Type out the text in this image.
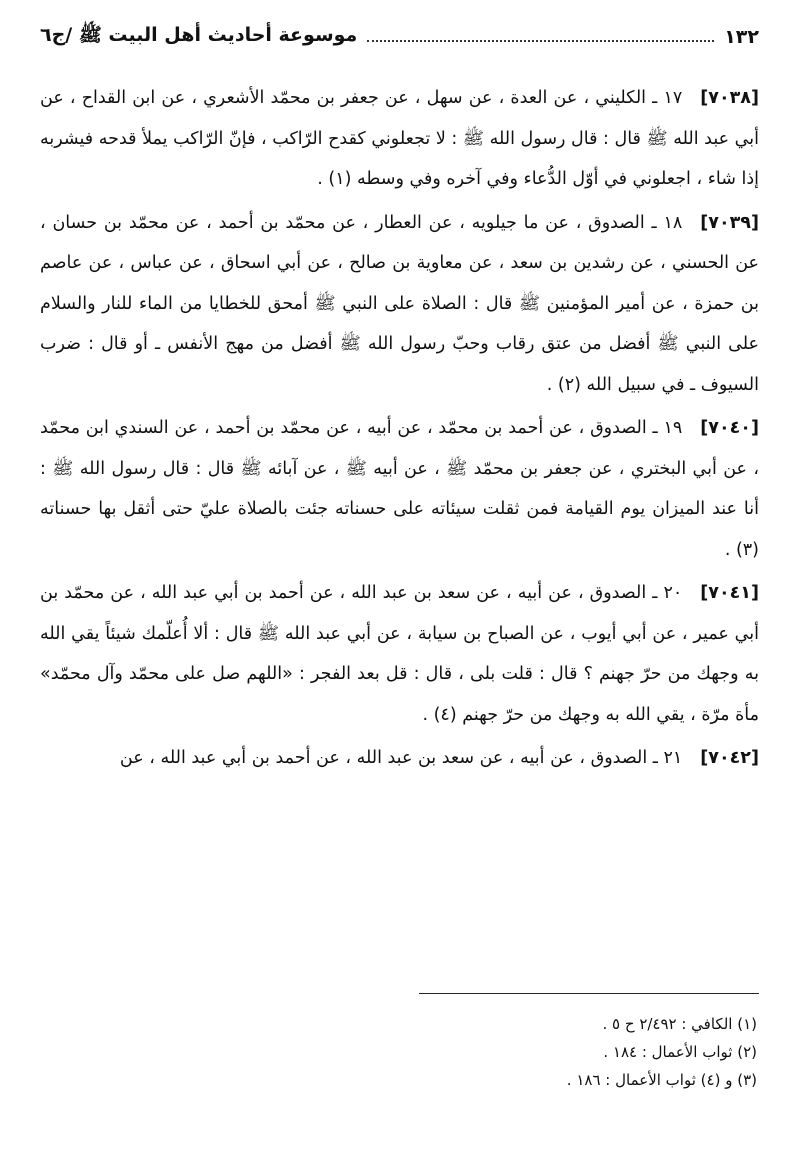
١٣٢
موسوعة أحاديث أهل البيت ﷺ /ج٦

[٧٠٣٨]١٧ ـ الكليني ، عن العدة ، عن سهل ، عن جعفر بن محمّد الأشعري ، عن ابن القداح ، عن أبي عبد الله ﷺ قال : قال رسول الله ﷺ : لا تجعلوني كقدح الرّاكب ، فإنّ الرّاكب يملأ قدحه فيشربه إذا شاء ، اجعلوني في أوّل الدُّعاء وفي آخره وفي وسطه (١) .

[٧٠٣٩]١٨ ـ الصدوق ، عن ما جيلويه ، عن العطار ، عن محمّد بن أحمد ، عن محمّد بن حسان ، عن الحسني ، عن رشدين بن سعد ، عن معاوية بن صالح ، عن أبي اسحاق ، عن عباس ، عن عاصم بن حمزة ، عن أمير المؤمنين ﷺ قال : الصلاة على النبي ﷺ أمحق للخطايا من الماء للنار والسلام على النبي ﷺ أفضل من عتق رقاب وحبّ رسول الله ﷺ أفضل من مهج الأنفس ـ أو قال : ضرب السيوف ـ في سبيل الله (٢) .

[٧٠٤٠]١٩ ـ الصدوق ، عن أحمد بن محمّد ، عن أبيه ، عن محمّد بن أحمد ، عن السندي ابن محمّد ، عن أبي البختري ، عن جعفر بن محمّد ﷺ ، عن أبيه ﷺ ، عن آبائه ﷺ قال : قال رسول الله ﷺ : أنا عند الميزان يوم القيامة فمن ثقلت سيئاته على حسناته جئت بالصلاة عليّ حتى أثقل بها حسناته (٣) .

[٧٠٤١]٢٠ ـ الصدوق ، عن أبيه ، عن سعد بن عبد الله ، عن أحمد بن أبي عبد الله ، عن محمّد بن أبي عمير ، عن أبي أيوب ، عن الصباح بن سيابة ، عن أبي عبد الله ﷺ قال : ألا أُعلّمك شيئاً يقي الله به وجهك من حرّ جهنم ؟ قال : قلت بلى ، قال : قل بعد الفجر : «اللهم صل على محمّد وآل محمّد» مأة مرّة ، يقي الله به وجهك من حرّ جهنم (٤) .

[٧٠٤٢]٢١ ـ الصدوق ، عن أبيه ، عن سعد بن عبد الله ، عن أحمد بن أبي عبد الله ، عن

(١) الكافي : ٢/٤٩٢ ح ٥ .
(٢) ثواب الأعمال : ١٨٤ .
(٣) و (٤) ثواب الأعمال : ١٨٦ .
